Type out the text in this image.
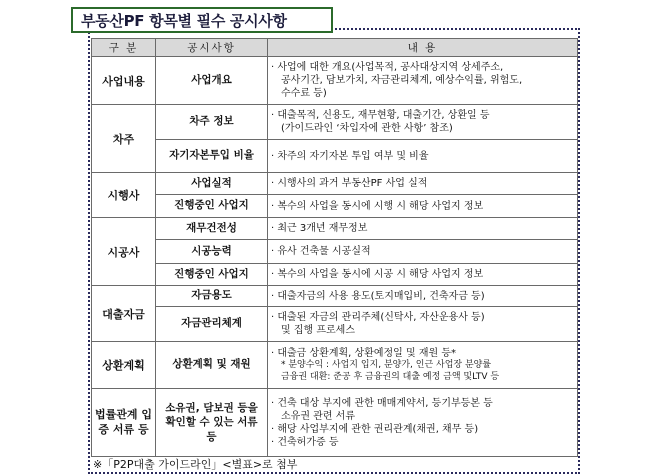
부동산PF 항목별 필수 공시사항
구 분	공시사항	내 용
사업내용	사업개요	· 사업에 대한 개요(사업목적, 공사대상지역 상세주소,
공사기간, 담보가치, 자금관리체계, 예상수익률, 위험도,
수수료 등)

차주	차주 정보	· 대출목적, 신용도, 재무현황, 대출기간, 상환일 등
(가이드라인 ‘차입자에 관한 사항’ 참조)

	자기자본투입 비율	· 차주의 자기자본 투입 여부 및 비율

시행사	사업실적	· 시행사의 과거 부동산PF 사업 실적

	진행중인 사업지	· 복수의 사업을 동시에 시행 시 해당 사업지 정보

시공사	재무건전성	· 최근 3개년 재무정보

	시공능력	· 유사 건축물 시공실적

	진행중인 사업지	· 복수의 사업을 동시에 시공 시 해당 사업지 정보

대출자금	자금용도	· 대출자금의 사용 용도(토지매입비, 건축자금 등)

	자금관리체계	· 대출된 자금의 관리주체(신탁사, 자산운용사 등)
및 집행 프로세스

상환계획	상환계획 및 재원	· 대출금 상환계획, 상환예정일 및 재원 등*
* 분양수익 : 사업지 입지, 분양가, 인근 사업장 분양률
금융권 대환: 준공 후 금융권의 대출 예정 금액 및LTV 등

법률관계 입증 서류 등	소유권, 담보권 등을 확인할 수 있는 서류 등	· 건축 대상 부지에 관한 매매계약서, 등기부등본 등
소유권 관련 서류
· 해당 사업부지에 관한 권리관계(채권, 채무 등)
· 건축허가증 등
※「P2P대출 가이드라인」<별표>로 첨부
